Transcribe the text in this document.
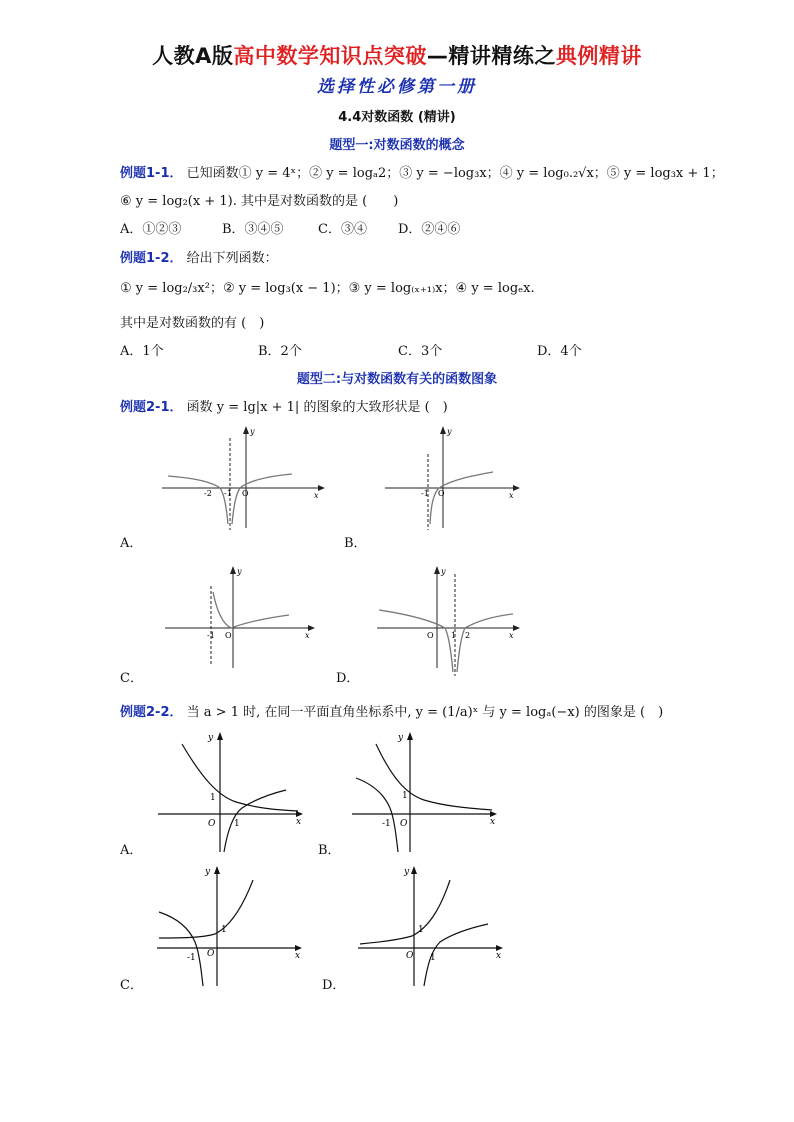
人教A版高中数学知识点突破—精讲精练之典例精讲
选择性必修第一册
4.4对数函数 (精讲)
题型一:对数函数的概念
例题1-1． 已知函数① y = 4ˣ；② y = logₐ2；③ y = −log₃x；④ y = log₀.₂√x；⑤ y = log₃x + 1；
⑥ y = log₂(x + 1). 其中是对数函数的是 (　　)
A．①②③	B．③④⑤	C．③④ D．②④⑥
例题1-2． 给出下列函数：
① y = log₂/₃x²；② y = log₃(x − 1)；③ y = log₍ₓ₊₁₎x；④ y = logₑx.
其中是对数函数的有 (　)
A．1个	B．2个	C．3个	D．4个
题型二:与对数函数有关的函数图象
例题2-1． 函数 y = lg|x + 1| 的图象的大致形状是 (　)
-2 -1 O	x
y
A．
-1 O	x
y
B．
-1 O	x
y
C．
O 1 2	x
y
D．
例题2-2． 当 a > 1 时, 在同一平面直角坐标系中, y = (1/a)ˣ 与 y = logₐ(−x) 的图象是 (　)
y
1
O 1	x
A．
y
1
-1 O	x
B．
y
1
-1 O	x
C．
y
1
O 1	x
D．
